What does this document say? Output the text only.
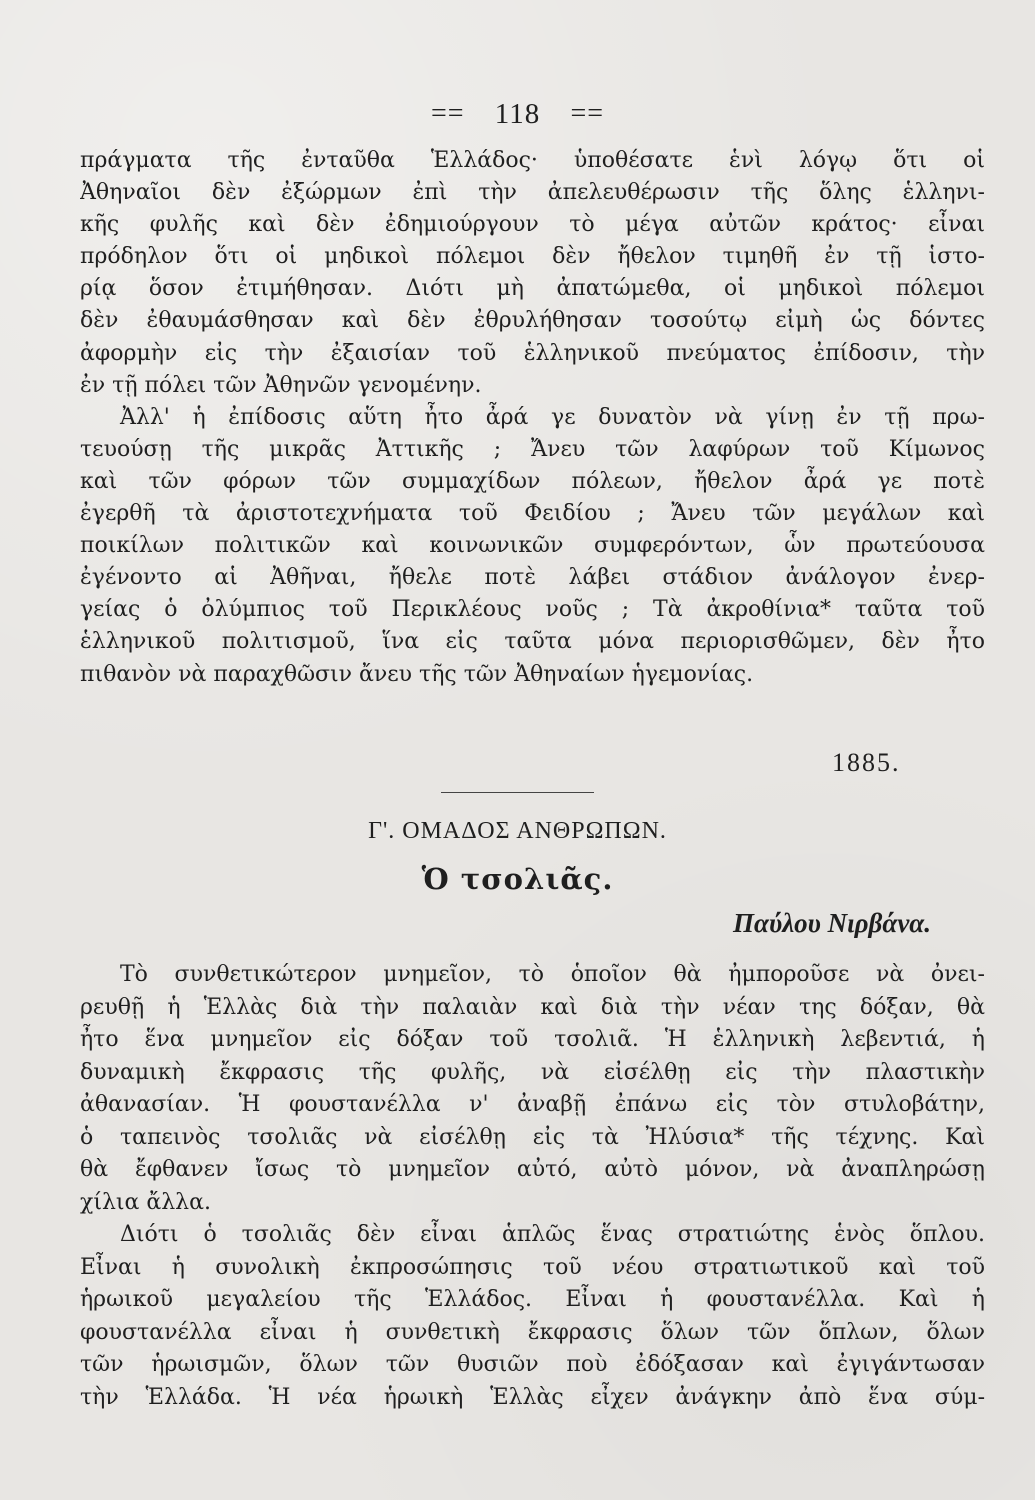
== 118 ==
πράγματα τῆς ἐνταῦθα Ἑλλάδος· ὑποθέσατε ἑνὶ λόγῳ ὅτι οἱ
Ἀθηναῖοι δὲν ἐξώρμων ἐπὶ τὴν ἀπελευθέρωσιν τῆς ὅλης ἑλληνι-
κῆς φυλῆς καὶ δὲν ἐδημιούργουν τὸ μέγα αὐτῶν κράτος· εἶναι
πρόδηλον ὅτι οἱ μηδικοὶ πόλεμοι δὲν ἤθελον τιμηθῆ ἐν τῇ ἱστο-
ρίᾳ ὅσον ἐτιμήθησαν. Διότι μὴ ἀπατώμεθα, οἱ μηδικοὶ πόλεμοι
δὲν ἐθαυμάσθησαν καὶ δὲν ἐθρυλήθησαν τοσούτῳ εἰμὴ ὡς δόντες
ἀφορμὴν εἰς τὴν ἐξαισίαν τοῦ ἑλληνικοῦ πνεύματος ἐπίδοσιν, τὴν
ἐν τῇ πόλει τῶν Ἀθηνῶν γενομένην.
Ἀλλ' ἡ ἐπίδοσις αὕτη ἦτο ἆρά γε δυνατὸν νὰ γίνῃ ἐν τῇ πρω-
τευούσῃ τῆς μικρᾶς Ἀττικῆς ; Ἄνευ τῶν λαφύρων τοῦ Κίμωνος
καὶ τῶν φόρων τῶν συμμαχίδων πόλεων, ἤθελον ἆρά γε ποτὲ
ἐγερθῆ τὰ ἀριστοτεχνήματα τοῦ Φειδίου ; Ἄνευ τῶν μεγάλων καὶ
ποικίλων πολιτικῶν καὶ κοινωνικῶν συμφερόντων, ὧν πρωτεύουσα
ἐγένοντο αἱ Ἀθῆναι, ἤθελε ποτὲ λάβει στάδιον ἀνάλογον ἐνερ-
γείας ὁ ὀλύμπιος τοῦ Περικλέους νοῦς ; Τὰ ἀκροθίνια* ταῦτα τοῦ
ἑλληνικοῦ πολιτισμοῦ, ἵνα εἰς ταῦτα μόνα περιορισθῶμεν, δὲν ἦτο
πιθανὸν νὰ παραχθῶσιν ἄνευ τῆς τῶν Ἀθηναίων ἡγεμονίας.
1885.
Γ'. ΟΜΑΔΟΣ ΑΝΘΡΩΠΩΝ.
Ὁ τσολιᾶς.
Παύλου Νιρβάνα.
Τὸ συνθετικώτερον μνημεῖον, τὸ ὁποῖον θὰ ἠμποροῦσε νὰ ὀνει-
ρευθῇ ἡ Ἑλλὰς διὰ τὴν παλαιὰν καὶ διὰ τὴν νέαν της δόξαν, θὰ
ἦτο ἕνα μνημεῖον εἰς δόξαν τοῦ τσολιᾶ. Ἡ ἑλληνικὴ λεβεντιά, ἡ
δυναμικὴ ἔκφρασις τῆς φυλῆς, νὰ εἰσέλθῃ εἰς τὴν πλαστικὴν
ἀθανασίαν. Ἡ φουστανέλλα ν' ἀναβῇ ἐπάνω εἰς τὸν στυλοβάτην,
ὁ ταπεινὸς τσολιᾶς νὰ εἰσέλθῃ εἰς τὰ Ἠλύσια* τῆς τέχνης. Καὶ
θὰ ἔφθανεν ἴσως τὸ μνημεῖον αὐτό, αὐτὸ μόνον, νὰ ἀναπληρώσῃ
χίλια ἄλλα.
Διότι ὁ τσολιᾶς δὲν εἶναι ἁπλῶς ἕνας στρατιώτης ἑνὸς ὅπλου.
Εἶναι ἡ συνολικὴ ἐκπροσώπησις τοῦ νέου στρατιωτικοῦ καὶ τοῦ
ἡρωικοῦ μεγαλείου τῆς Ἑλλάδος. Εἶναι ἡ φουστανέλλα. Καὶ ἡ
φουστανέλλα εἶναι ἡ συνθετικὴ ἔκφρασις ὅλων τῶν ὅπλων, ὅλων
τῶν ἡρωισμῶν, ὅλων τῶν θυσιῶν ποὺ ἐδόξασαν καὶ ἐγιγάντωσαν
τὴν Ἑλλάδα. Ἡ νέα ἡρωικὴ Ἑλλὰς εἶχεν ἀνάγκην ἀπὸ ἕνα σύμ-
